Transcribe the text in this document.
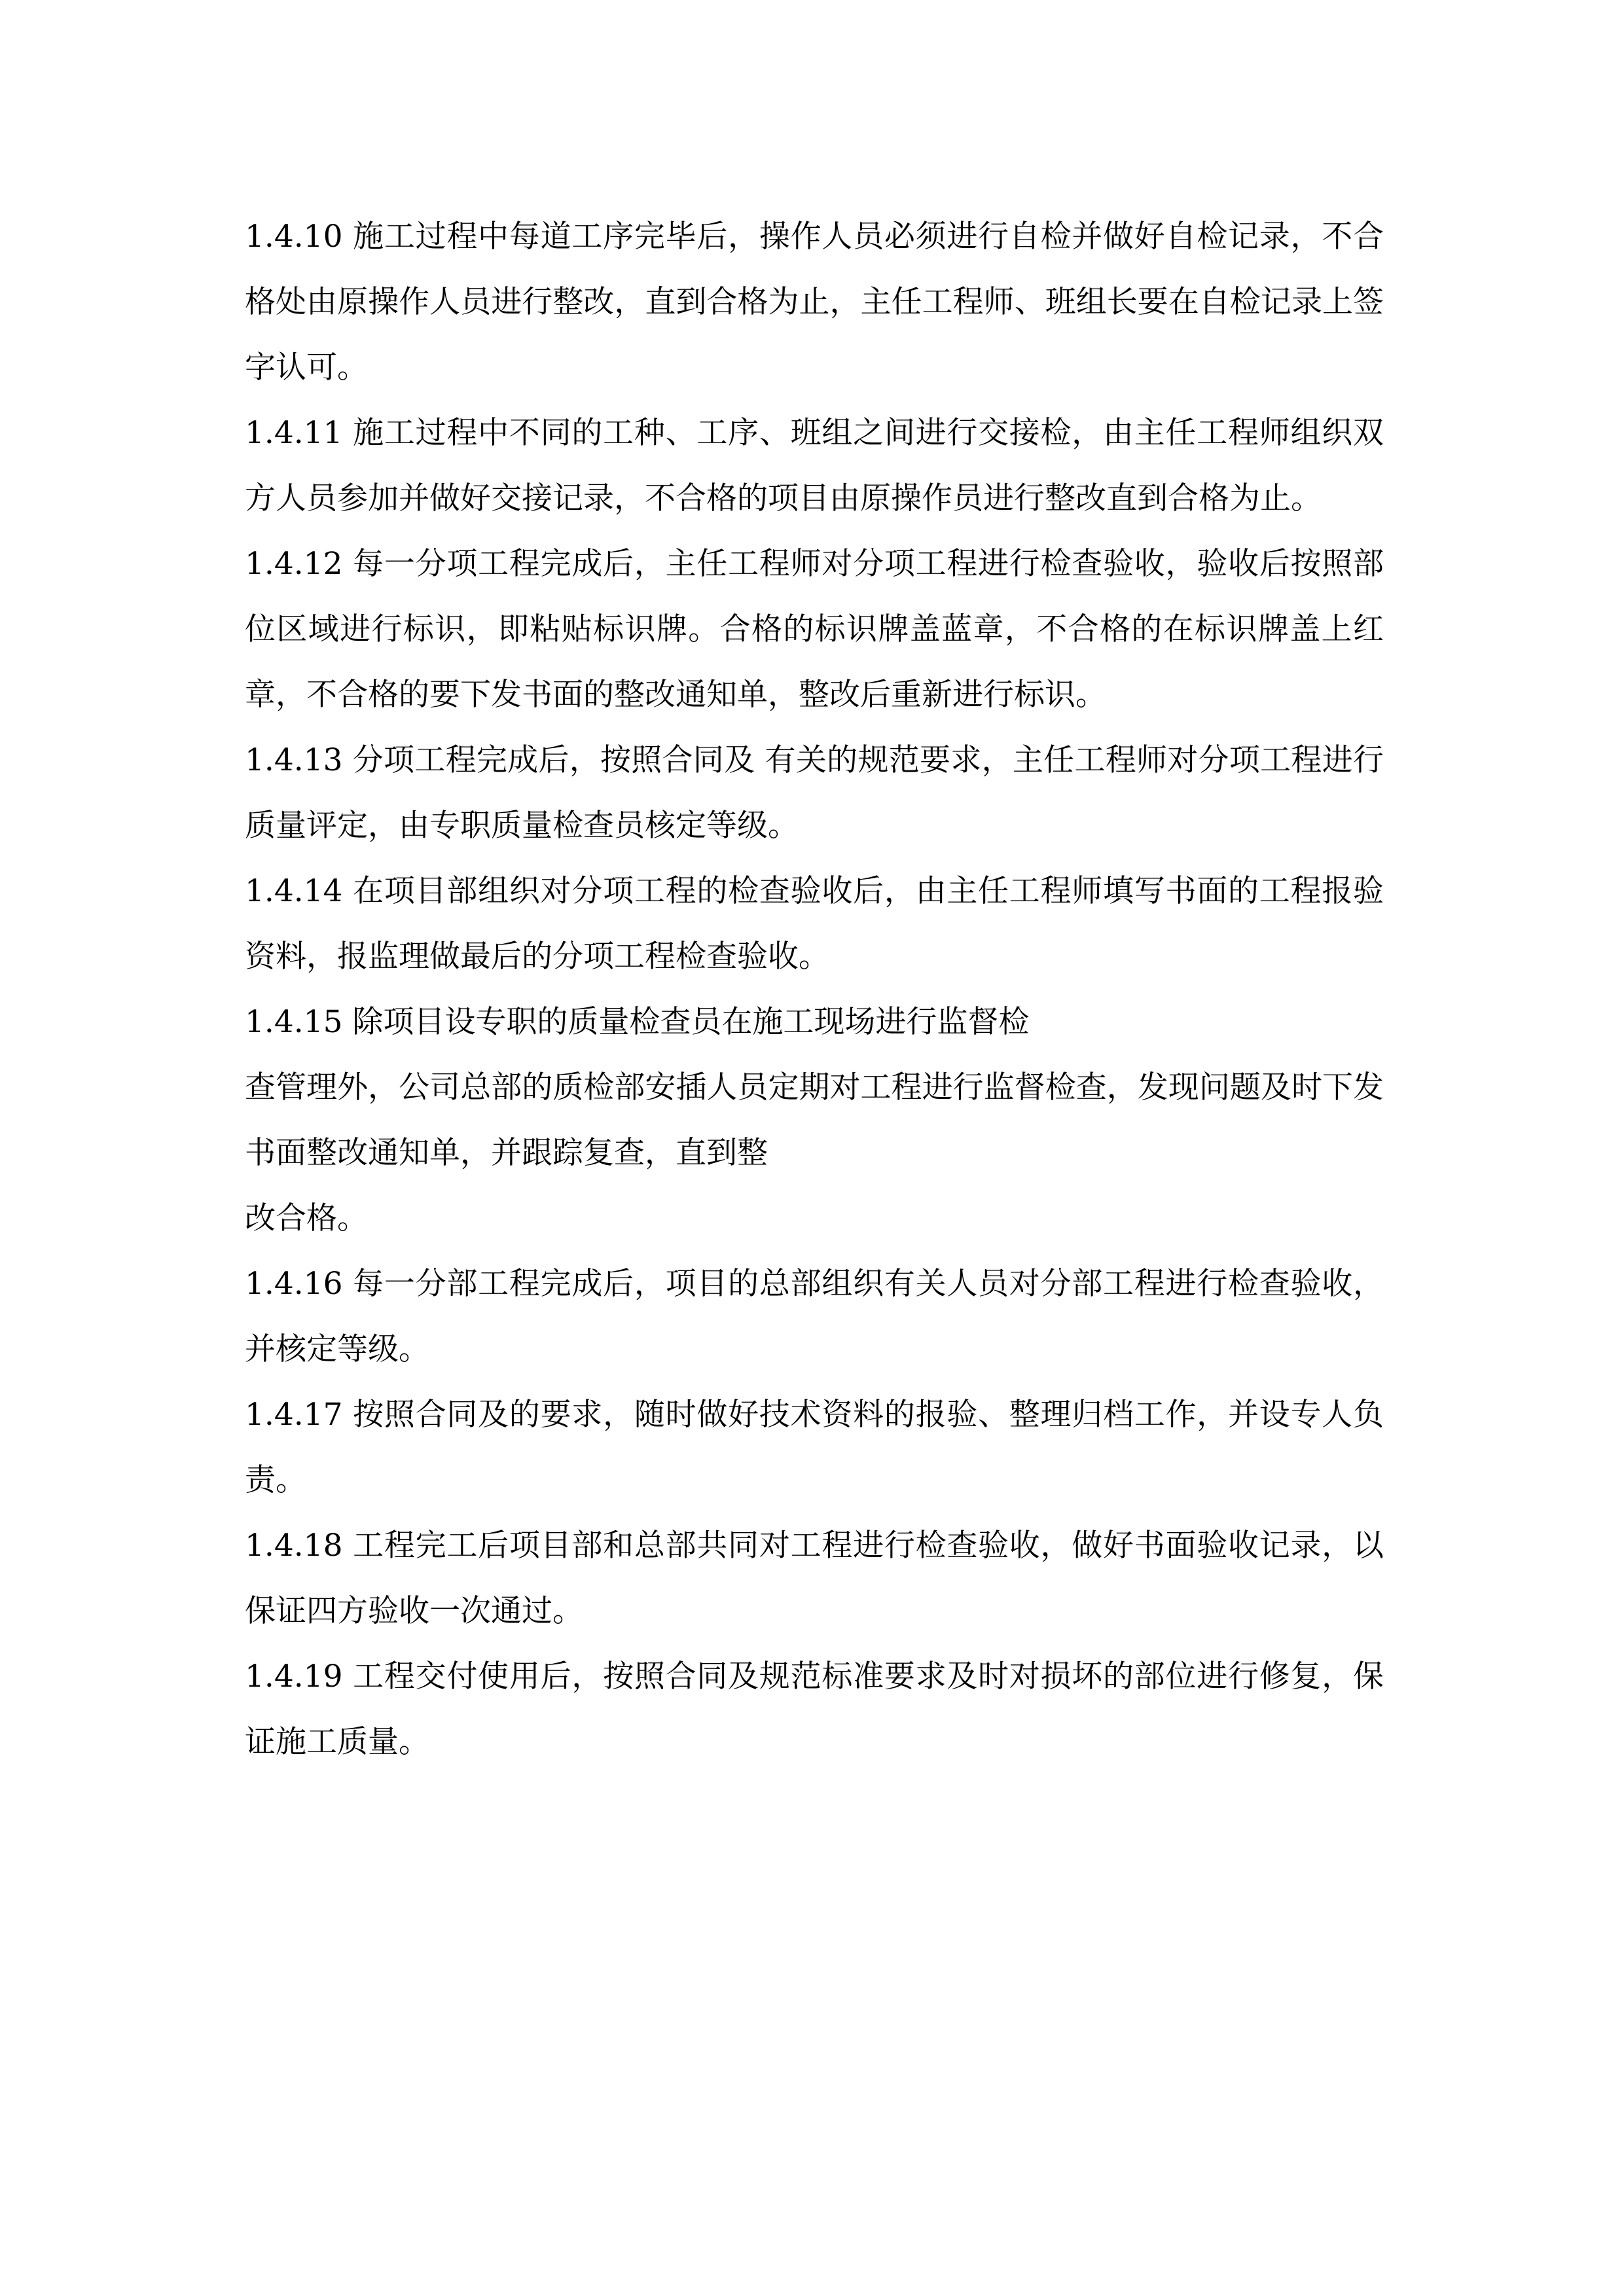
1.4.10 施工过程中每道工序完毕后，操作人员必须进行自检并做好自检记录，不合格处由原操作人员进行整改，直到合格为止，主任工程师、班组长要在自检记录上签字认可。

1.4.11 施工过程中不同的工种、工序、班组之间进行交接检，由主任工程师组织双方人员参加并做好交接记录，不合格的项目由原操作员进行整改直到合格为止。

1.4.12 每一分项工程完成后，主任工程师对分项工程进行检查验收，验收后按照部位区域进行标识，即粘贴标识牌。合格的标识牌盖蓝章，不合格的在标识牌盖上红章，不合格的要下发书面的整改通知单，整改后重新进行标识。

1.4.13 分项工程完成后，按照合同及 有关的规范要求，主任工程师对分项工程进行质量评定，由专职质量检查员核定等级。

1.4.14 在项目部组织对分项工程的检查验收后，由主任工程师填写书面的工程报验资料，报监理做最后的分项工程检查验收。

1.4.15 除项目设专职的质量检查员在施工现场进行监督检

查管理外，公司总部的质检部安插人员定期对工程进行监督检查，发现问题及时下发书面整改通知单，并跟踪复查，直到整

改合格。

1.4.16 每一分部工程完成后，项目的总部组织有关人员对分部工程进行检查验收，并核定等级。

1.4.17 按照合同及的要求，随时做好技术资料的报验、整理归档工作，并设专人负责。

1.4.18 工程完工后项目部和总部共同对工程进行检查验收，做好书面验收记录，以保证四方验收一次通过。

1.4.19 工程交付使用后，按照合同及规范标准要求及时对损坏的部位进行修复，保证施工质量。
